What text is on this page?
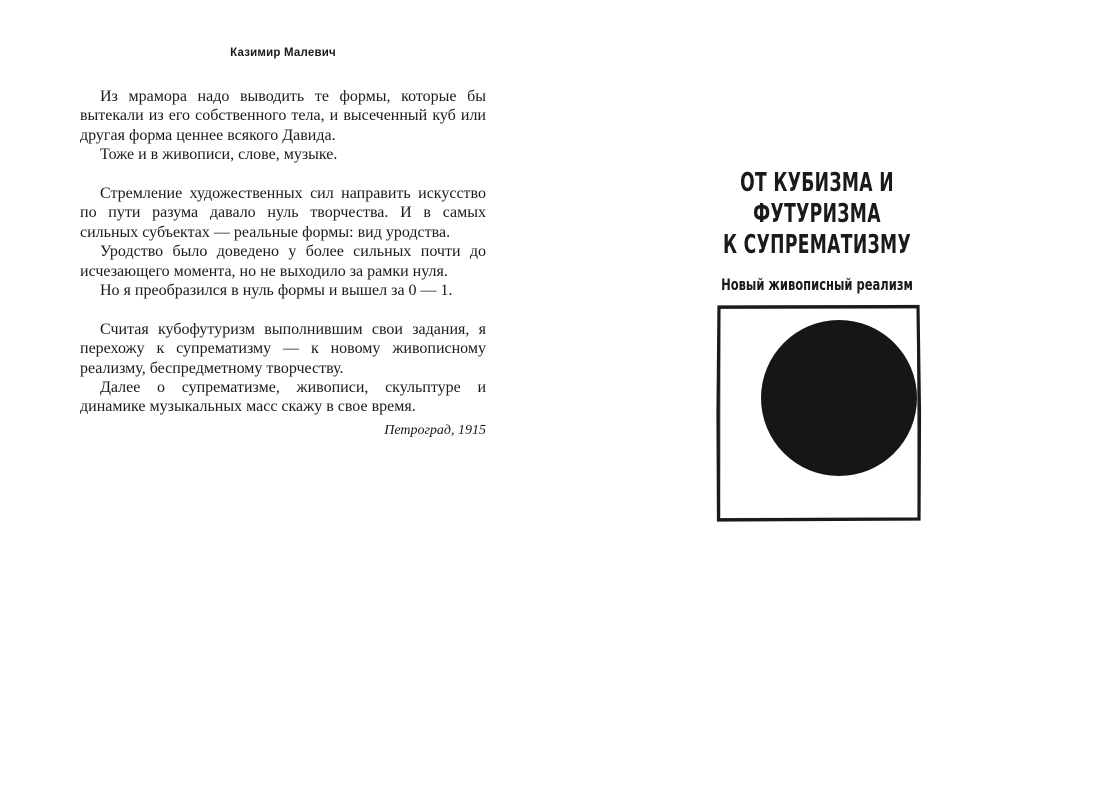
Казимир Малевич

Из мрамора надо выводить те формы, которые бы вытекали из его собственного тела, и высеченный куб или другая форма ценнее всякого Давида.

Тоже и в живописи, слове, музыке.

Стремление художественных сил направить искусство по пути разума давало нуль творчества. И в самых сильных субъектах — реальные формы: вид уродства.

Уродство было доведено у более сильных почти до исчезающего момента, но не выходило за рамки нуля.

Но я преобразился в нуль формы и вышел за 0 — 1.

Считая кубофутуризм выполнившим свои задания, я перехожу к супрематизму — к новому живописному реализму, беспредметному творчеству.

Далее о супрематизме, живописи, скульптуре и динамике музыкальных масс скажу в свое время.

Петроград, 1915
ОТ КУБИЗМА И ФУТУРИЗМА
К СУПРЕМАТИЗМУ
Новый живописный реализм
